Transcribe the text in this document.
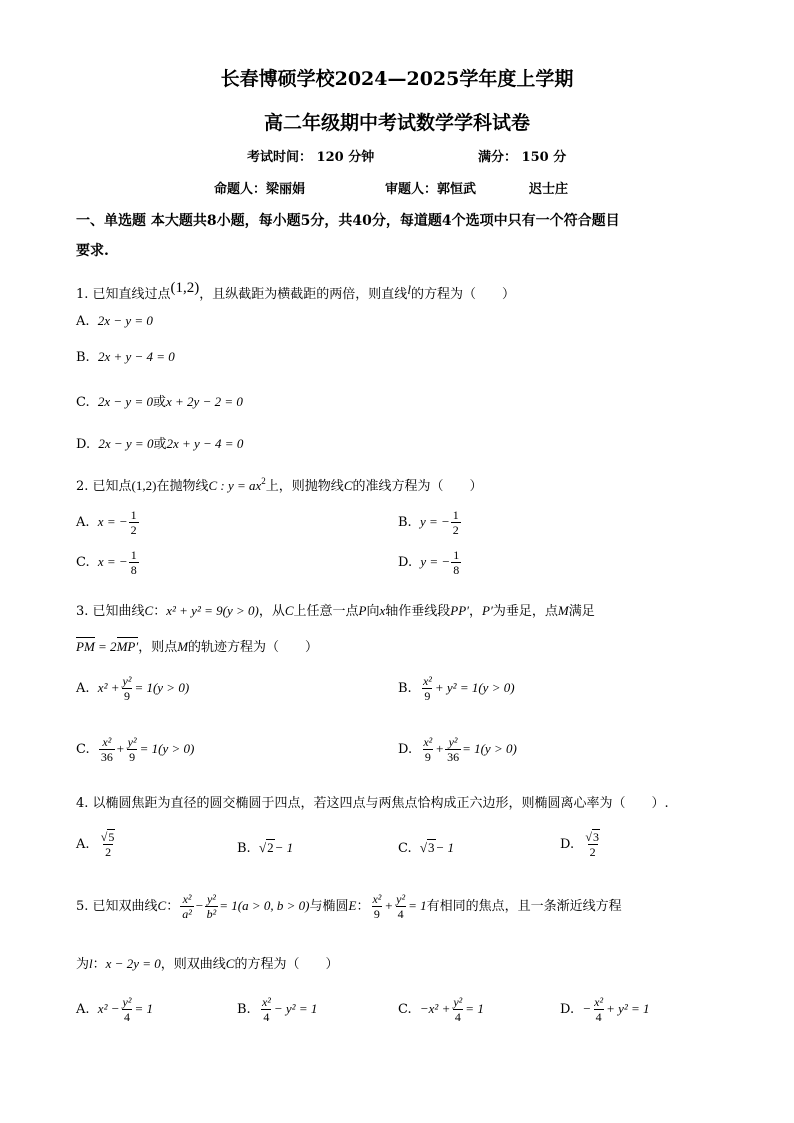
长春博硕学校2024—2025学年度上学期
高二年级期中考试数学学科试卷
考试时间： 120 分钟	满分： 150 分
命题人：梁丽娟	审题人：郭恒武	迟士庄
一、单选题 本大题共8小题，每小题5分，共40分，每道题4个选项中只有一个符合题目
要求.
1. 已知直线过点(1,2)，且纵截距为横截距的两倍，则直线l的方程为（　　）
A. 2x − y = 0
B. 2x + y − 4 = 0
C. 2x − y = 0或x + 2y − 2 = 0
D. 2x − y = 0或2x + y − 4 = 0
2. 已知点(1,2)在抛物线C : $y = ax^2$上，则抛物线C的准线方程为（　　）
A. x = − $\frac{1}{2}$	B. y = − $\frac{1}{2}$
C. x = − $\frac{1}{8}$	D. y = − $\frac{1}{8}$
3. 已知曲线C：x² + y² = 9(y > 0)，从C上任意一点P向x轴作垂线段PP′，P′为垂足，点M满足
PM = 2MP′，则点M的轨迹方程为（　　）
A. $x^2 + \frac{\text{y²}}{9} = 1(y > 0)$	B. $\frac{\text{x²}}{9} + y^2 = 1(y > 0)$
C. $\frac{\text{x²}}{36} + \frac{\text{y²}}{9} = 1(y > 0)$	D. $\frac{\text{x²}}{9} + \frac{\text{y²}}{36} = 1(y > 0)$
4. 以椭圆焦距为直径的圆交椭圆于四点，若这四点与两焦点恰构成正六边形，则椭圆离心率为（　　）.
A. $\frac{√5}{2}$	B. √2− 1	C. √3− 1	D. $\frac{√3}{2}$
5. 已知双曲线C： $\frac{\text{x²}}{\text{a²}} - \frac{\text{y²}}{\text{b²}} = 1(a > 0$, b > 0)与椭圆E： $\frac{\text{x²}}{9} + \frac{\text{y²}}{4} = 1$有相同的焦点，且一条渐近线方程
为l：x − 2y = 0，则双曲线C的方程为（　　）
A. $x^2 - \frac{\text{y²}}{4} = 1$	B. $\frac{\text{x²}}{4} - y^2 = 1$	C. $-x^2 + \frac{\text{y²}}{4} = 1$	D. − $\frac{\text{x²}}{4} + y^2 = 1$
